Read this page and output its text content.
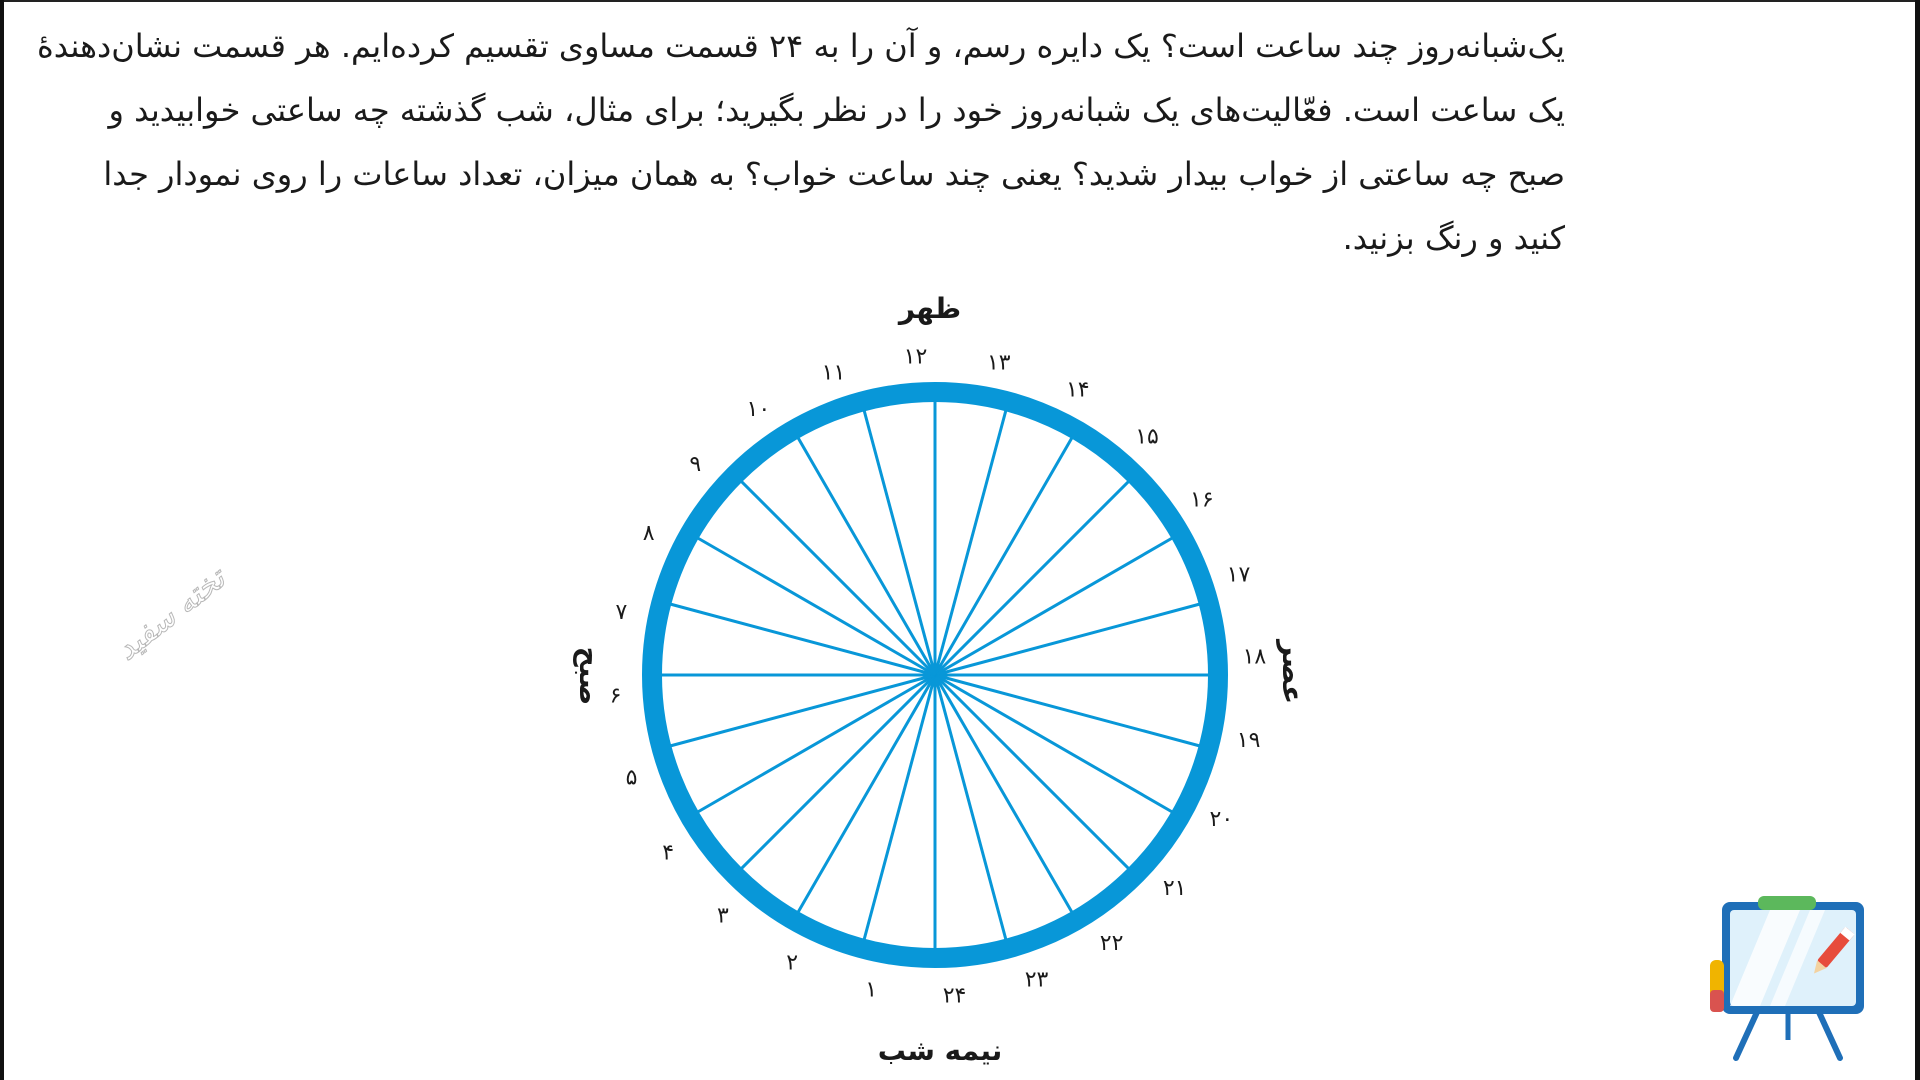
یک‌شبانه‌روز چند ساعت است؟ یک دایره رسم، و آن را به ۲۴ قسمت مساوی تقسیم کرده‌ایم. هر قسمت نشان‌دهندهٔ
یک ساعت است. فعّالیت‌های یک شبانه‌روز خود را در نظر بگیرید؛ برای مثال، شب گذشته چه ساعتی خوابیدید و
صبح چه ساعتی از خواب بیدار شدید؟ یعنی چند ساعت خواب؟ به همان میزان، تعداد ساعات را روی نمودار جدا
کنید و رنگ بزنید.
۱۲	۱۳
۱۴
۱۵
۱۶
۱۷
۱۸
۱۹
۲۰
۲۱
۲۲
۲۳
۲۴
۱
۲
۳
۴
۵
۶
۷
۸
۹
۱۰
۱۱
ظهر
نیمه شب
عصر
صبح
تخته سفید
